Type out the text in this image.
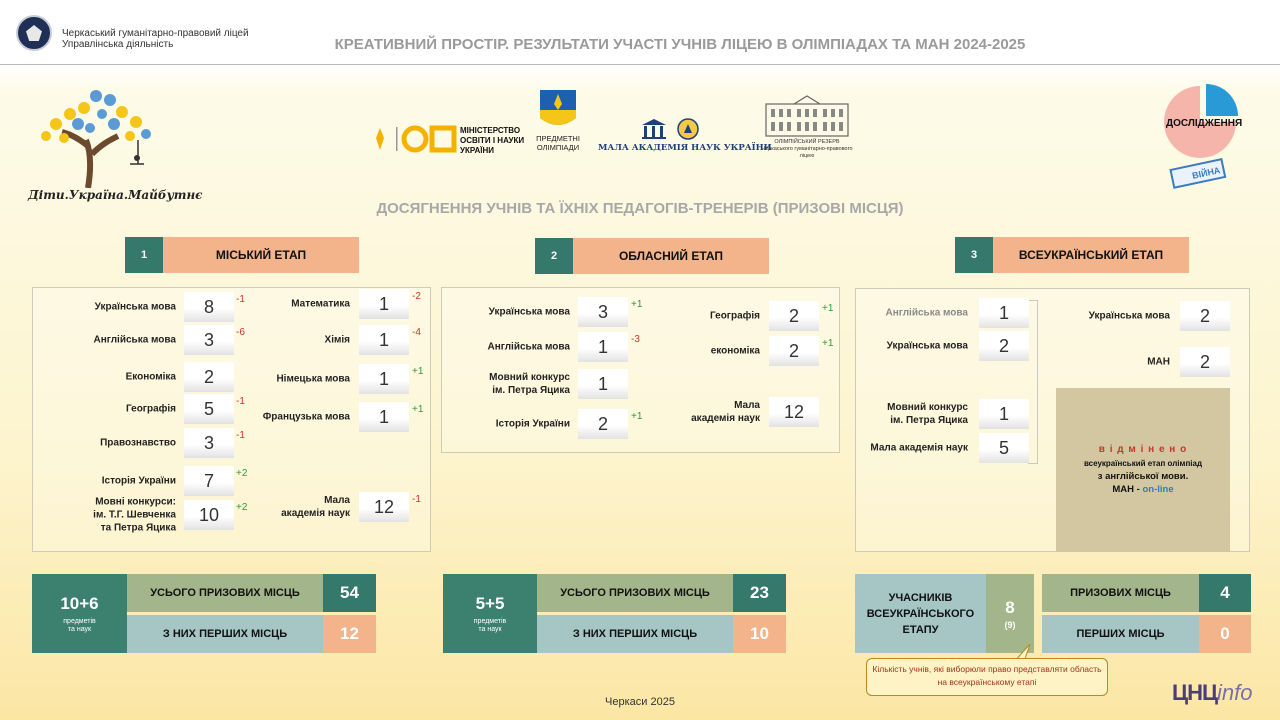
Черкаський гуманітарно-правовий ліцей
Управлінська діяльність	КРЕАТИВНИЙ ПРОСТІР. РЕЗУЛЬТАТИ УЧАСТІ УЧНІВ ЛІЦЕЮ В ОЛІМПІАДАХ ТА МАН 2024-2025
Діти.Україна.Майбутнє
МІНІСТЕРСТВО
ОСВІТИ І НАУКИ
УКРАЇНИ
ПРЕДМЕТНІ
ОЛІМПІАДИ	МАЛА АКАДЕМІЯ НАУК УКРАЇНИ
ОЛІМПІЙСЬКИЙ РЕЗЕРВ
Черкаського гуманітарно-правового ліцею
ДОСЛІДЖЕННЯ
ВІЙНА
ДОСЯГНЕННЯ УЧНІВ ТА ЇХНІХ ПЕДАГОГІВ-ТРЕНЕРІВ (ПРИЗОВІ МІСЦЯ)
1	МІСЬКИЙ ЕТАП	2	ОБЛАСНИЙ ЕТАП	3	ВСЕУКРАЇНСЬКИЙ ЕТАП
Українська мова	8	-1
Англійська мова	3	-6
Економіка	2
Географія	5	-1
Правознавство	3	-1
Історія України	7	+2
Мовні конкурси:
ім. Т.Г. Шевченка
та Петра Яцика
10	+2
Математика	1	-2
Хімія	1	-4
Німецька мова	1	+1
Французька мова	1	+1
Мала
академія наук	12	-1
Українська мова	3	+1
Англійська мова	1	-3
Мовний конкурс
ім. Петра Яцика	1
Історія України	2	+1
Географія	2	+1
економіка	2	+1
Мала
академія наук	12
в і д м і н е н о
всеукраїнський етап олімпіад
з англійської мови.
МАН - on-line
Англійська мова	1
Українська мова	2
Мовний конкурс
ім. Петра Яцика	1
Мала академія наук	5
Українська мова	2
МАН	2
10+6
предметів
та наук
УСЬОГО ПРИЗОВИХ МІСЦЬ	54
З НИХ ПЕРШИХ МІСЦЬ	12
5+5
предметів
та наук
УСЬОГО ПРИЗОВИХ МІСЦЬ	23
З НИХ ПЕРШИХ МІСЦЬ	10
УЧАСНИКІВ
ВСЕУКРАЇНСЬКОГО
ЕТАПУ
8
(9)
ПРИЗОВИХ МІСЦЬ	4
ПЕРШИХ МІСЦЬ	0
Кількість учнів, які виборюли право представляти область на всеукраїнському етапі
Черкаси 2025	ЦНЦinfo
